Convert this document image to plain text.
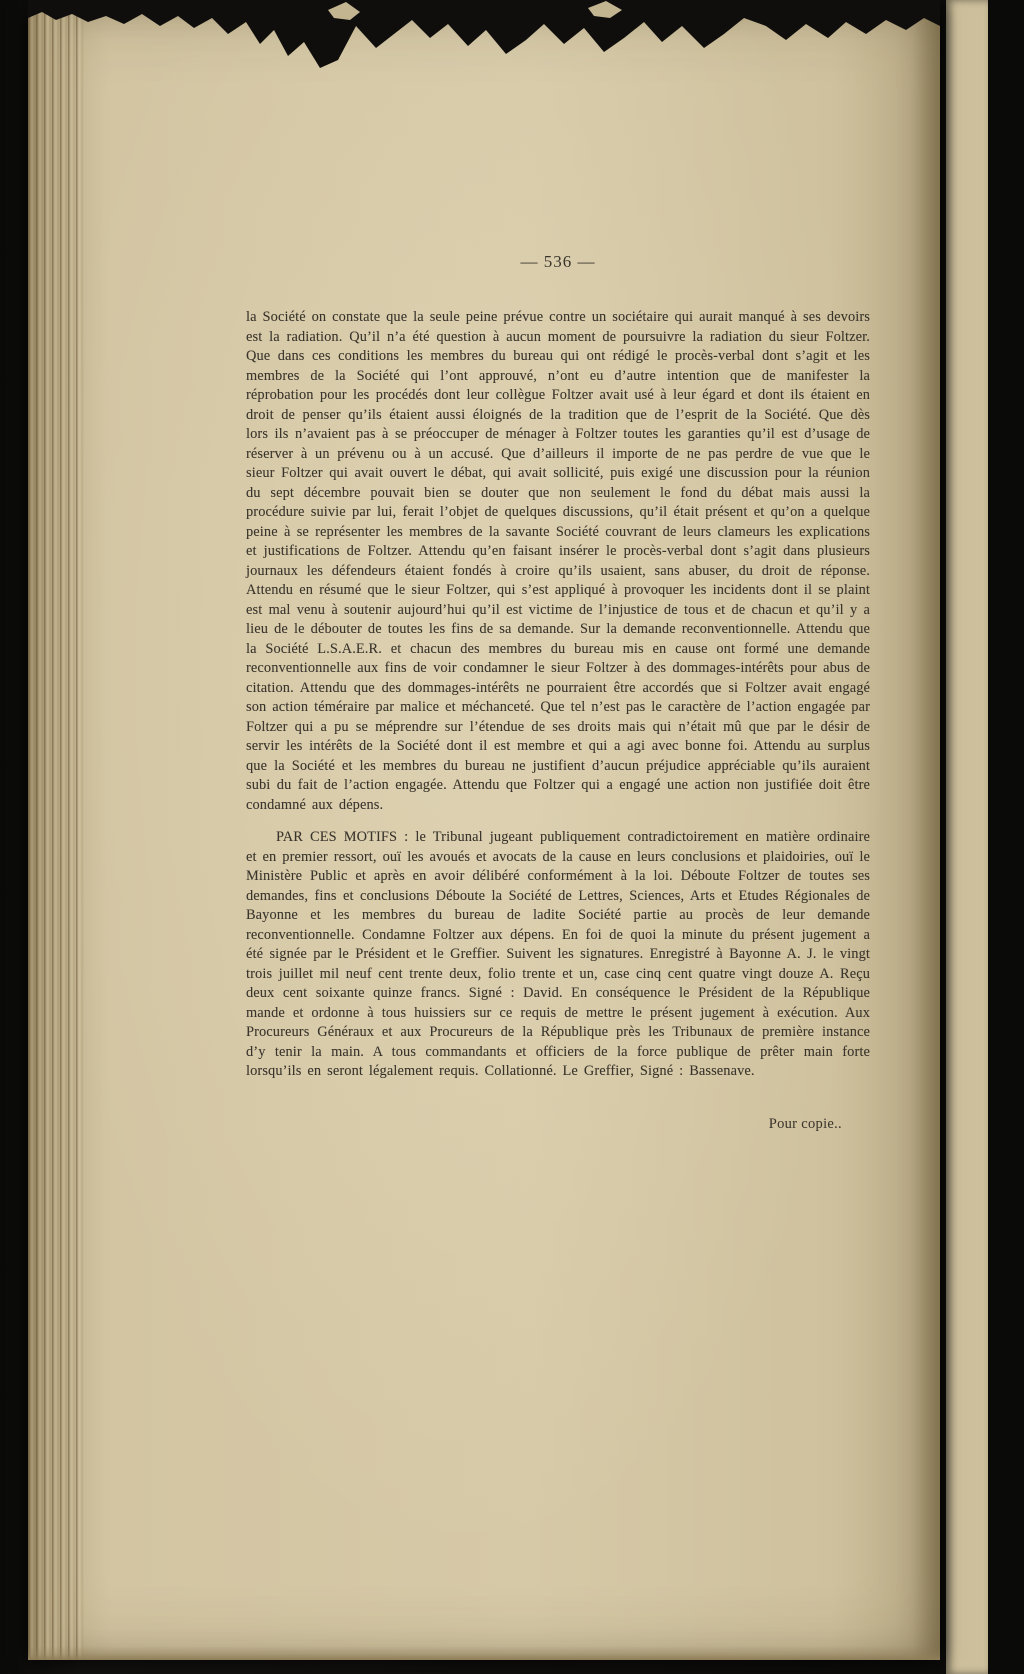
— 536 —

la Société on constate que la seule peine prévue contre un sociétaire qui aurait manqué à ses devoirs est la radiation. Qu’il n’a été question à aucun moment de poursuivre la radiation du sieur Foltzer. Que dans ces conditions les membres du bureau qui ont rédigé le procès-verbal dont s’agit et les membres de la Société qui l’ont approuvé, n’ont eu d’autre intention que de manifester la réprobation pour les procédés dont leur collègue Foltzer avait usé à leur égard et dont ils étaient en droit de penser qu’ils étaient aussi éloignés de la tradition que de l’esprit de la Société. Que dès lors ils n’avaient pas à se préoccuper de ménager à Foltzer toutes les garanties qu’il est d’usage de réserver à un prévenu ou à un accusé. Que d’ailleurs il importe de ne pas perdre de vue que le sieur Foltzer qui avait ouvert le débat, qui avait sollicité, puis exigé une discussion pour la réunion du sept décembre pouvait bien se douter que non seulement le fond du débat mais aussi la procédure suivie par lui, ferait l’objet de quelques discussions, qu’il était présent et qu’on a quelque peine à se représenter les membres de la savante Société couvrant de leurs clameurs les explications et justifications de Foltzer. Attendu qu’en faisant insérer le procès-verbal dont s’agit dans plusieurs journaux les défendeurs étaient fondés à croire qu’ils usaient, sans abuser, du droit de réponse. Attendu en résumé que le sieur Foltzer, qui s’est appliqué à provoquer les incidents dont il se plaint est mal venu à soutenir aujourd’hui qu’il est victime de l’injustice de tous et de chacun et qu’il y a lieu de le débouter de toutes les fins de sa demande. Sur la demande reconventionnelle. Attendu que la Société L.S.A.E.R. et chacun des membres du bureau mis en cause ont formé une demande reconventionnelle aux fins de voir condamner le sieur Foltzer à des dommages-intérêts pour abus de citation. Attendu que des dommages-intérêts ne pourraient être accordés que si Foltzer avait engagé son action téméraire par malice et méchanceté. Que tel n’est pas le caractère de l’action engagée par Foltzer qui a pu se méprendre sur l’étendue de ses droits mais qui n’était mû que par le désir de servir les intérêts de la Société dont il est membre et qui a agi avec bonne foi. Attendu au surplus que la Société et les membres du bureau ne justifient d’aucun préjudice appréciable qu’ils auraient subi du fait de l’action engagée. Attendu que Foltzer qui a engagé une action non justifiée doit être condamné aux dépens.

PAR CES MOTIFS : le Tribunal jugeant publiquement contradictoirement en matière ordinaire et en premier ressort, ouï les avoués et avocats de la cause en leurs conclusions et plaidoiries, ouï le Ministère Public et après en avoir délibéré conformément à la loi. Déboute Foltzer de toutes ses demandes, fins et conclusions Déboute la Société de Lettres, Sciences, Arts et Etudes Régionales de Bayonne et les membres du bureau de ladite Société partie au procès de leur demande reconventionnelle. Condamne Foltzer aux dépens. En foi de quoi la minute du présent jugement a été signée par le Président et le Greffier. Suivent les signatures. Enregistré à Bayonne A. J. le vingt trois juillet mil neuf cent trente deux, folio trente et un, case cinq cent quatre vingt douze A. Reçu deux cent soixante quinze francs. Signé : David. En conséquence le Président de la République mande et ordonne à tous huissiers sur ce requis de mettre le présent jugement à exécution. Aux Procureurs Généraux et aux Procureurs de la République près les Tribunaux de première instance d’y tenir la main. A tous commandants et officiers de la force publique de prêter main forte lorsqu’ils en seront légalement requis. Collationné. Le Greffier, Signé : Bassenave.

Pour copie..
